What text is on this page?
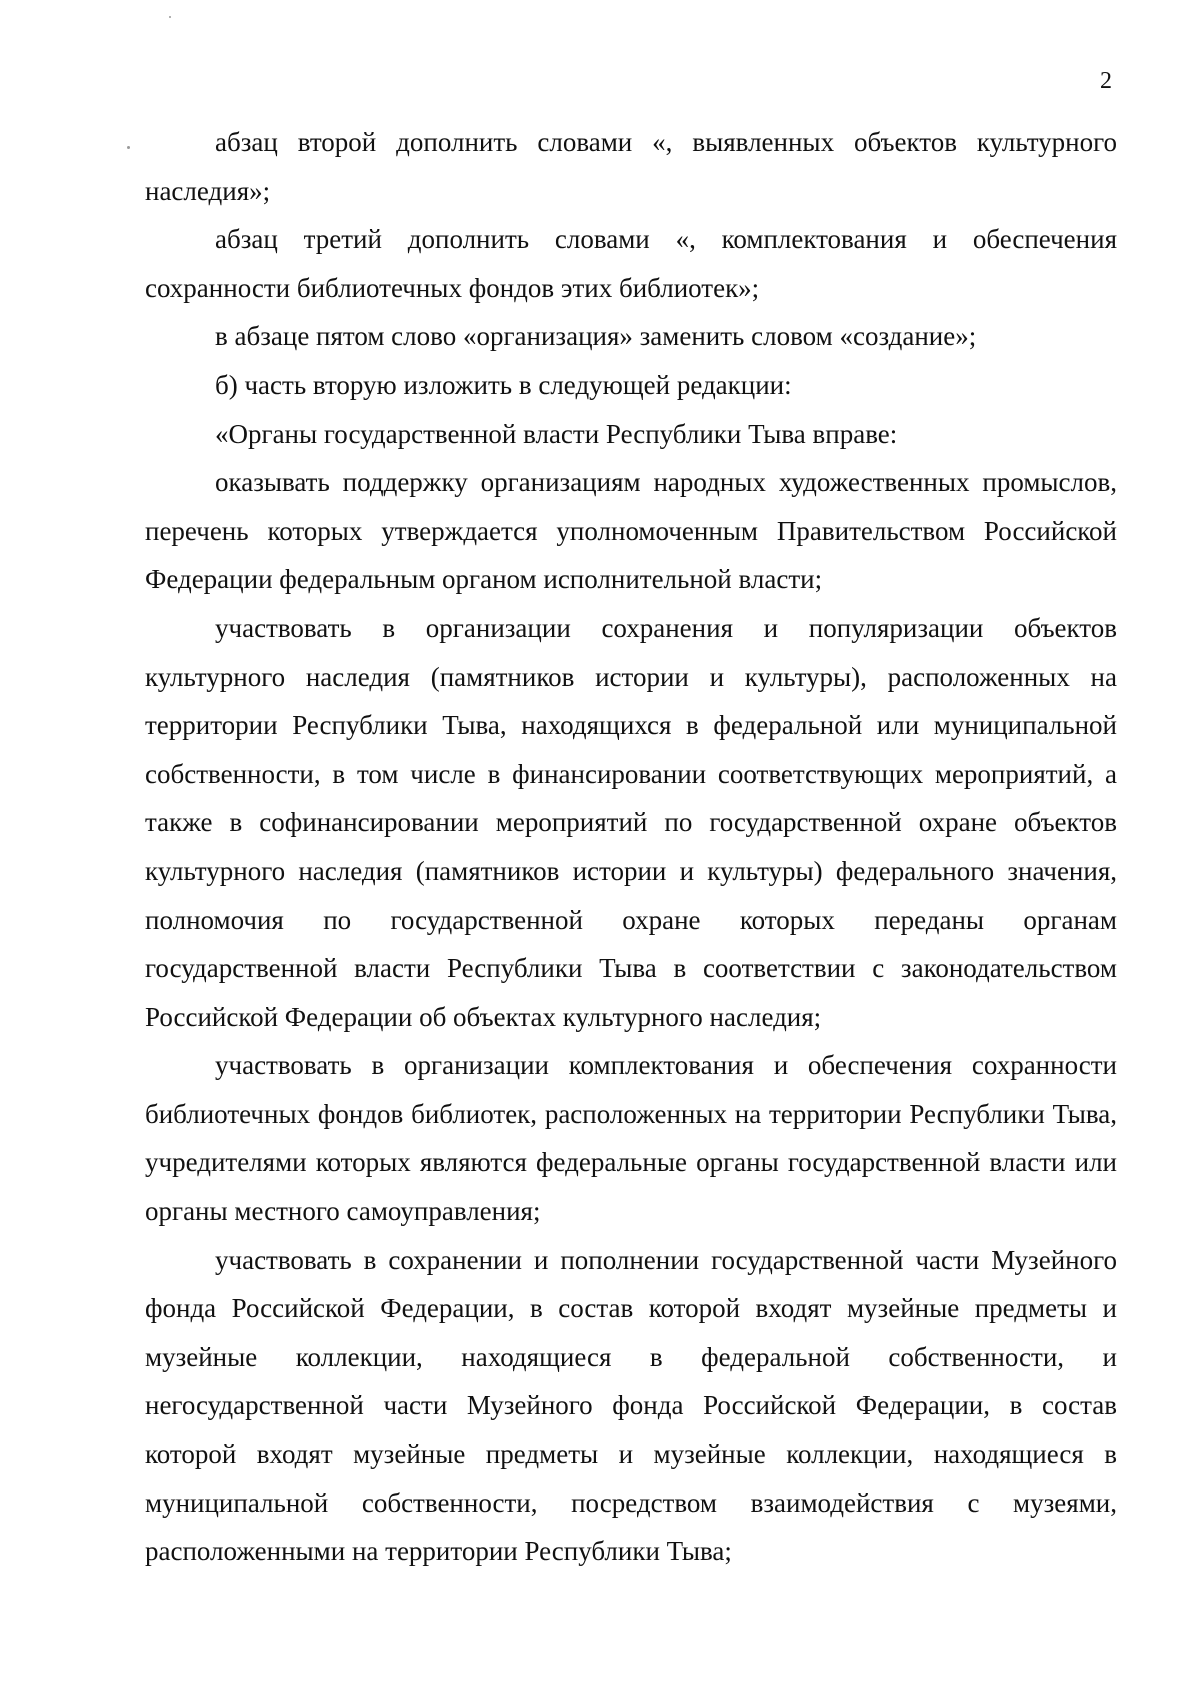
2

абзац второй дополнить словами «, выявленных объектов культурного наследия»;

абзац третий дополнить словами «, комплектования и обеспечения сохранности библиотечных фондов этих библиотек»;

в абзаце пятом слово «организация» заменить словом «создание»;

б) часть вторую изложить в следующей редакции:

«Органы государственной власти Республики Тыва вправе:

оказывать поддержку организациям народных художественных промыслов, перечень которых утверждается уполномоченным Правительством Российской Федерации федеральным органом исполнительной власти;

участвовать в организации сохранения и популяризации объектов культурного наследия (памятников истории и культуры), расположенных на территории Республики Тыва, находящихся в федеральной или муниципальной собственности, в том числе в финансировании соответствующих мероприятий, а также в софинансировании мероприятий по государственной охране объектов культурного наследия (памятников истории и культуры) федерального значения, полномочия по государственной охране которых переданы органам государственной власти Республики Тыва в соответствии с законодательством Российской Федерации об объектах культурного наследия;

участвовать в организации комплектования и обеспечения сохранности библиотечных фондов библиотек, расположенных на территории Республики Тыва, учредителями которых являются федеральные органы государственной власти или органы местного самоуправления;

участвовать в сохранении и пополнении государственной части Музейного фонда Российской Федерации, в состав которой входят музейные предметы и музейные коллекции, находящиеся в федеральной собственности, и негосударственной части Музейного фонда Российской Федерации, в состав которой входят музейные предметы и музейные коллекции, находящиеся в муниципальной собственности, посредством взаимодействия с музеями, расположенными на территории Республики Тыва;
